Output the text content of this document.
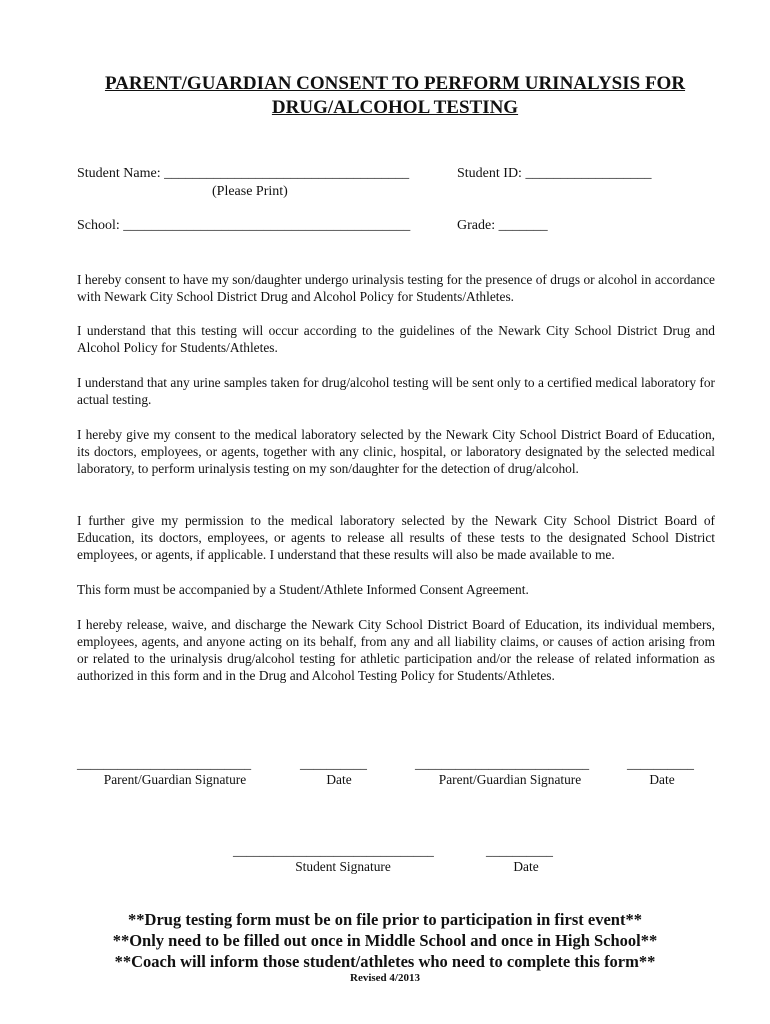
PARENT/GUARDIAN CONSENT TO PERFORM URINALYSIS FOR
DRUG/ALCOHOL TESTING
Student Name: ___________________________________
(Please Print)
Student ID: __________________
School: _________________________________________	Grade: _______

I hereby consent to have my son/daughter undergo urinalysis testing for the presence of drugs or alcohol in accordance with Newark City School District Drug and Alcohol Policy for Students/Athletes.

I understand that this testing will occur according to the guidelines of the Newark City School District Drug and Alcohol Policy for Students/Athletes.

I understand that any urine samples taken for drug/alcohol testing will be sent only to a certified medical laboratory for actual testing.

I hereby give my consent to the medical laboratory selected by the Newark City School District Board of Education, its doctors, employees, or agents, together with any clinic, hospital, or laboratory designated by the selected medical laboratory, to perform urinalysis testing on my son/daughter for the detection of drug/alcohol.

I further give my permission to the medical laboratory selected by the Newark City School District Board of Education, its doctors, employees, or agents to release all results of these tests to the designated School District employees, or agents, if applicable. I understand that these results will also be made available to me.

This form must be accompanied by a Student/Athlete Informed Consent Agreement.

I hereby release, waive, and discharge the Newark City School District Board of Education, its individual members, employees, agents, and anyone acting on its behalf, from any and all liability claims, or causes of action arising from or related to the urinalysis drug/alcohol testing for athletic participation and/or the release of related information as authorized in this form and in the Drug and Alcohol Testing Policy for Students/Athletes.

__________________________	__________	__________________________	__________
Parent/Guardian Signature	Date	Parent/Guardian Signature	Date
______________________________	__________
Student Signature	Date
**Drug testing form must be on file prior to participation in first event**
**Only need to be filled out once in Middle School and once in High School**
**Coach will inform those student/athletes who need to complete this form**
Revised 4/2013
